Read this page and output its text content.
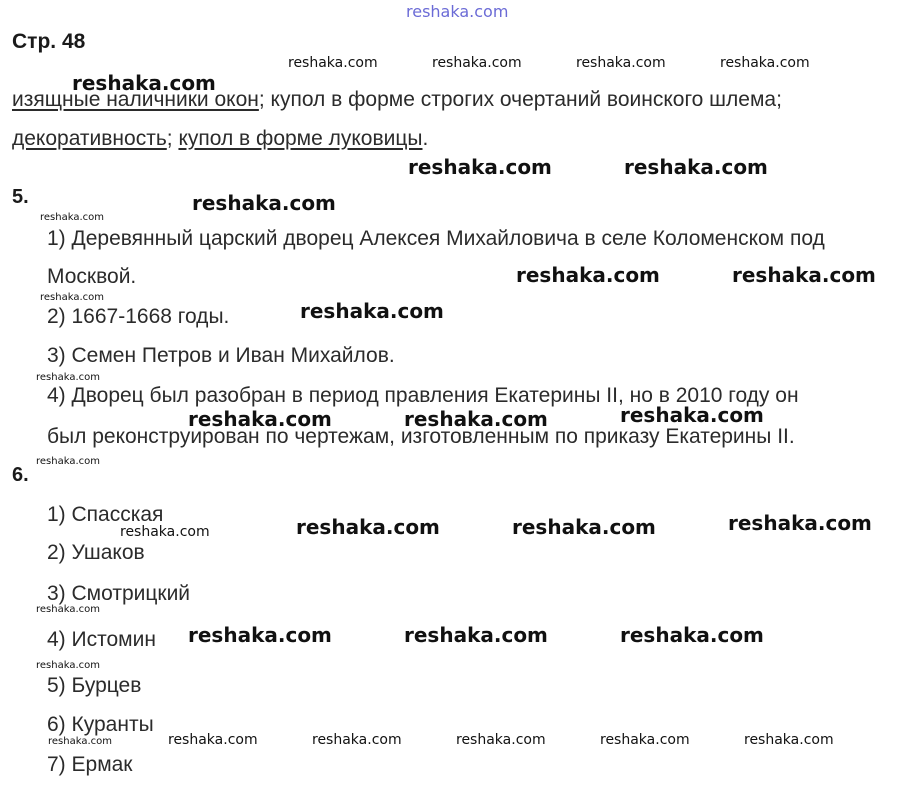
reshaka.com
Стр. 48
изящные наличники окон; купол в форме строгих очертаний воинского шлема;
декоративность; купол в форме луковицы.
5.
1) Деревянный царский дворец Алексея Михайловича в селе Коломенском под
Москвой.
2) 1667-1668 годы.
3) Семен Петров и Иван Михайлов.
4) Дворец был разобран в период правления Екатерины II, но в 2010 году он
был реконструирован по чертежам, изготовленным по приказу Екатерины II.
6.
1) Спасская
2) Ушаков
3) Смотрицкий
4) Истомин
5) Бурцев
6) Куранты
7) Ермак
reshaka.com	reshaka.com	reshaka.com	reshaka.com
reshaka.com	reshaka.com	reshaka.com	reshaka.com	reshaka.com
reshaka.com
reshaka.com
reshaka.com	reshaka.com
reshaka.com
reshaka.com	reshaka.com
reshaka.com
reshaka.com	reshaka.com	reshaka.com
reshaka.com	reshaka.com	reshaka.com
reshaka.com	reshaka.com	reshaka.com
reshaka.com
reshaka.com
reshaka.com
reshaka.com
reshaka.com
reshaka.com
reshaka.com
